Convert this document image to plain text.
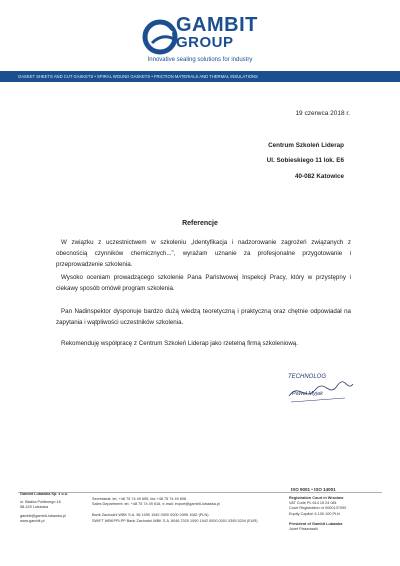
GAMBIT
GROUP
Innovative sealing solutions for industry
GASKET SHEETS AND CUT GASKETS • SPIRAL WOUND GASKETS • FRICTION MATERIALS AND THERMAL INSULATIONS
19 czerwca 2018 r.
Centrum Szkoleń Liderap
Ul. Sobieskiego 11 lok. E6
40-082 Katowice
Referencje
W związku z uczestnictwem w szkoleniu „Identyfikacja i nadzorowanie zagrożeń związanych z obecnością czynników chemicznych...”, wyrażam uznanie za profesjonalne przygotowanie i przeprowadzenie szkolenia.
Wysoko oceniam prowadzącego szkolenie Pana Państwowej Inspekcji Pracy, który w przystępny i ciekawy sposób omówił program szkolenia.
Pan Nadinspektor dysponuje bardzo dużą wiedzą teoretyczną i praktyczną oraz chętnie odpowiadał na zapytania i wątpliwości uczestników szkolenia.
Rekomenduję współpracę z Centrum Szkoleń Liderap jako rzetelną firmą szkoleniową.
TECHNOLOG
Paweł Myjak
ISO 9001 • ISO 14001
Gambit Lubawka Sp. z o.o.
ul. Błażka Politenego 16
58-420 Lubawka
gambit@gambit-lubawka.pl
www.gambit.pl
Secretariat: tel. +48 75 74 49 695, fax +48 75 74 49 698
Sales Department: tel. +48 75 74 49 616, e-mail: export@gambit-lubawka.pl
Bank Zachodni WBK S.A. 56 1090 1942 0000 0000 0395 1082 (PLN)
SWIFT WBKPPLPP Bank Zachodni WBK S.A. 8046 7020 1090 1942 0000 0001 0395 5204 (EUR)
Registration Court in Wrocław
VAT Code PL 614 15 24 081
Court Registration nr 0000137090
Equity Capital: 6.100.100 PLN
President of Gambit Lubawka
Józef Piaszowski
